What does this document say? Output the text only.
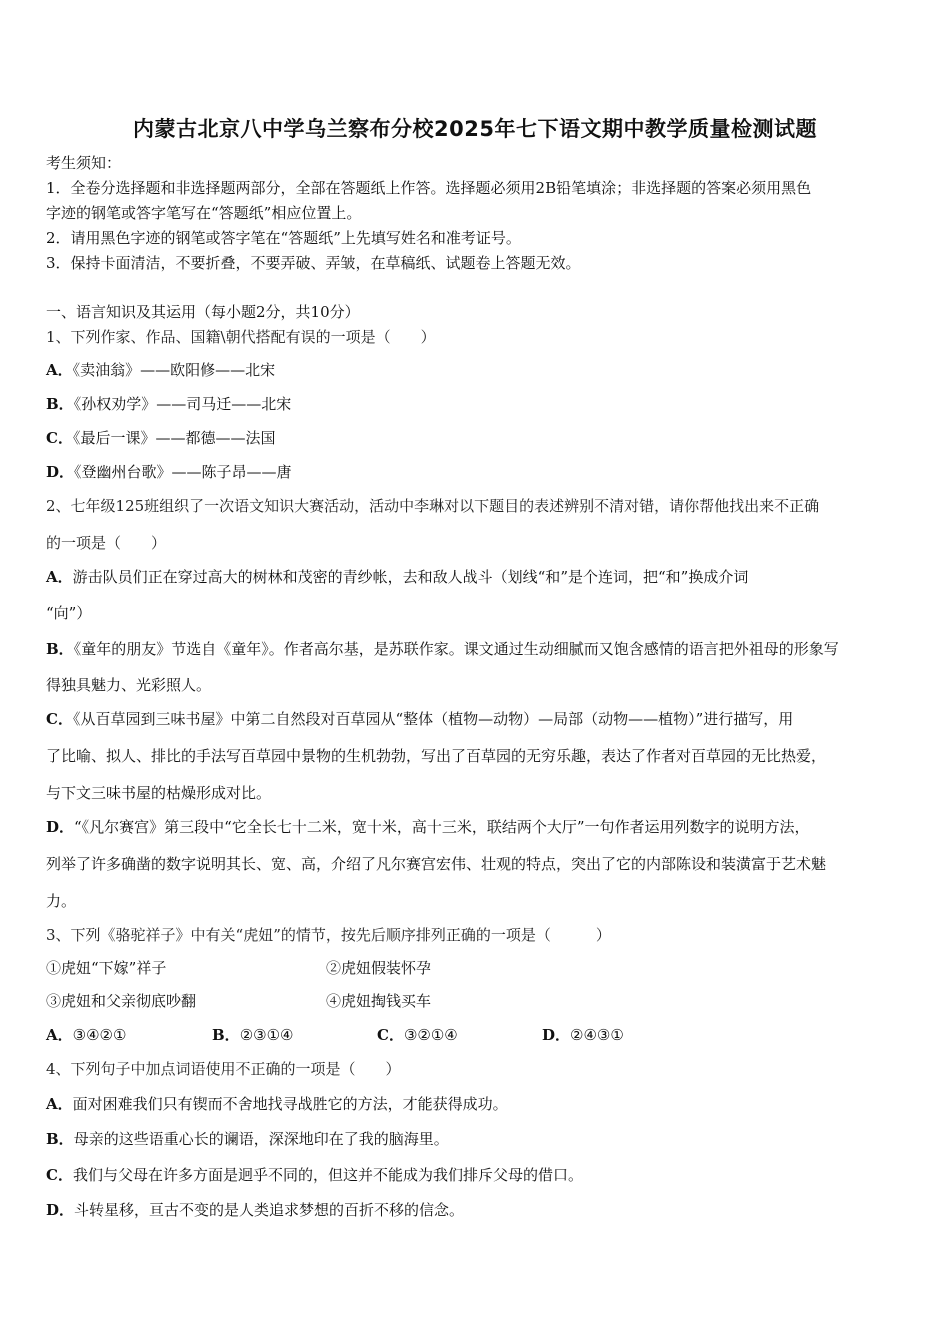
内蒙古北京八中学乌兰察布分校2025年七下语文期中教学质量检测试题
考生须知：
1．全卷分选择题和非选择题两部分，全部在答题纸上作答。选择题必须用2B铅笔填涂；非选择题的答案必须用黑色
字迹的钢笔或答字笔写在“答题纸”相应位置上。
2．请用黑色字迹的钢笔或答字笔在“答题纸”上先填写姓名和准考证号。
3．保持卡面清洁，不要折叠，不要弄破、弄皱，在草稿纸、试题卷上答题无效。
一、语言知识及其运用（每小题2分，共10分）
1、下列作家、作品、国籍\朝代搭配有误的一项是（　　）
A．《卖油翁》——欧阳修——北宋
B．《孙权劝学》——司马迁——北宋
C．《最后一课》——都德——法国
D．《登幽州台歌》——陈子昂——唐
2、七年级125班组织了一次语文知识大赛活动，活动中李琳对以下题目的表述辨别不清对错，请你帮他找出来不正确
的一项是（　　）
A．游击队员们正在穿过高大的树林和茂密的青纱帐，去和敌人战斗（划线“和”是个连词，把“和”换成介词
“向”）
B．《童年的朋友》节选自《童年》。作者高尔基，是苏联作家。课文通过生动细腻而又饱含感情的语言把外祖母的形象写
得独具魅力、光彩照人。
C．《从百草园到三味书屋》中第二自然段对百草园从“整体（植物—动物）—局部（动物——植物）”进行描写，用
了比喻、拟人、排比的手法写百草园中景物的生机勃勃，写出了百草园的无穷乐趣，表达了作者对百草园的无比热爱，
与下文三味书屋的枯燥形成对比。
D．“《凡尔赛宫》第三段中“它全长七十二米，宽十米，高十三米，联结两个大厅”一句作者运用列数字的说明方法，
列举了许多确凿的数字说明其长、宽、高，介绍了凡尔赛宫宏伟、壮观的特点，突出了它的内部陈设和装潢富于艺术魅
力。
3、下列《骆驼祥子》中有关“虎妞”的情节，按先后顺序排列正确的一项是（　　　）
①虎妞“下嫁”祥子	②虎妞假装怀孕
③虎妞和父亲彻底吵翻	④虎妞掏钱买车
A．③④②①	B．②③①④	C．③②①④	D．②④③①
4、下列句子中加点词语使用不正确的一项是（　　）
A．面对困难我们只有锲而不舍地找寻战胜它的方法，才能获得成功。
B．母亲的这些语重心长的谰语，深深地印在了我的脑海里。
C．我们与父母在许多方面是迥乎不同的，但这并不能成为我们排斥父母的借口。
D．斗转星移，亘古不变的是人类追求梦想的百折不移的信念。
